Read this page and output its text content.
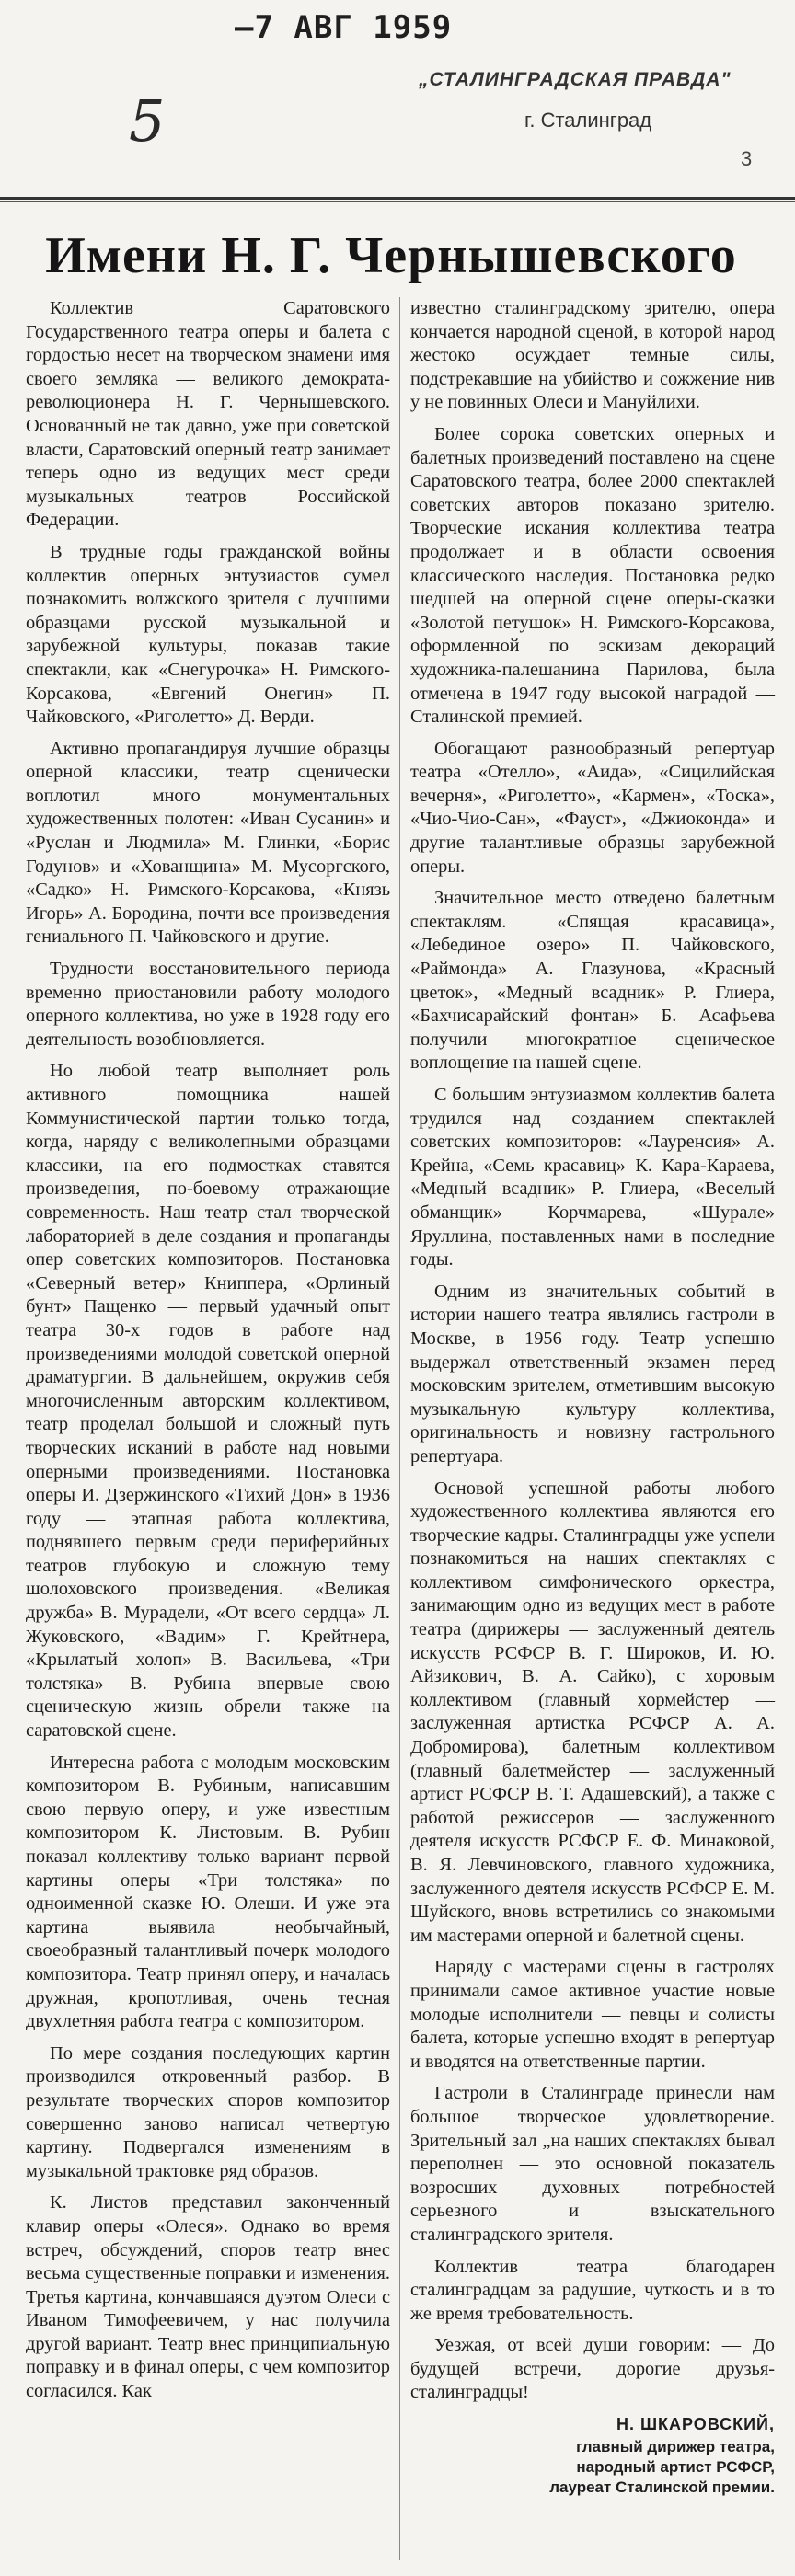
—7 АВГ 1959
5
„СТАЛИНГРАДСКАЯ ПРАВДА"
г. Сталинград
3
Имени Н. Г. Чернышевского

Коллектив Саратовского Государственного театра оперы и балета с гордостью несет на творческом знамени имя своего земляка — великого демократа-революционера Н. Г. Чернышевского. Основанный не так давно, уже при советской власти, Саратовский оперный театр занимает теперь одно из ведущих мест среди музыкальных театров Российской Федерации.

В трудные годы гражданской войны коллектив оперных энтузиастов сумел познакомить волжского зрителя с лучшими образцами русской музыкальной и зарубежной культуры, показав такие спектакли, как «Снегурочка» Н. Римского-Корсакова, «Евгений Онегин» П. Чайковского, «Риголетто» Д. Верди.

Активно пропагандируя лучшие образцы оперной классики, театр сценически воплотил много монументальных художественных полотен: «Иван Сусанин» и «Руслан и Людмила» М. Глинки, «Борис Годунов» и «Хованщина» М. Мусоргского, «Садко» Н. Римского-Корсакова, «Князь Игорь» А. Бородина, почти все произведения гениального П. Чайковского и другие.

Трудности восстановительного периода временно приостановили работу молодого оперного коллектива, но уже в 1928 году его деятельность возобновляется.

Но любой театр выполняет роль активного помощника нашей Коммунистической партии только тогда, когда, наряду с великолепными образцами классики, на его подмостках ставятся произведения, по-боевому отражающие современность. Наш театр стал творческой лабораторией в деле создания и пропаганды опер советских композиторов. Постановка «Северный ветер» Книппера, «Орлиный бунт» Пащенко — первый удачный опыт театра 30-х годов в работе над произведениями молодой советской оперной драматургии. В дальнейшем, окружив себя многочисленным авторским коллективом, театр проделал большой и сложный путь творческих исканий в работе над новыми оперными произведениями. Постановка оперы И. Дзержинского «Тихий Дон» в 1936 году — этапная работа коллектива, поднявшего первым среди периферийных театров глубокую и сложную тему шолоховского произведения. «Великая дружба» В. Мурадели, «От всего сердца» Л. Жуковского, «Вадим» Г. Крейтнера, «Крылатый холоп» В. Васильева, «Три толстяка» В. Рубина впервые свою сценическую жизнь обрели также на саратовской сцене.

Интересна работа с молодым московским композитором В. Рубиным, написавшим свою первую оперу, и уже известным композитором К. Листовым. В. Рубин показал коллективу только вариант первой картины оперы «Три толстяка» по одноименной сказке Ю. Олеши. И уже эта картина выявила необычайный, своеобразный талантливый почерк молодого композитора. Театр принял оперу, и началась дружная, кропотливая, очень тесная двухлетняя работа театра с композитором.

По мере создания последующих картин производился откровенный разбор. В результате творческих споров композитор совершенно заново написал четвертую картину. Подвергался изменениям в музыкальной трактовке ряд образов.

К. Листов представил законченный клавир оперы «Олеся». Однако во время встреч, обсуждений, споров театр внес весьма существенные поправки и изменения. Третья картина, кончавшаяся дуэтом Олеси с Иваном Тимофеевичем, у нас получила другой вариант. Театр внес принципиальную поправку и в финал оперы, с чем композитор согласился. Как

известно сталинградскому зрителю, опера кончается народной сценой, в которой народ жестоко осуждает темные силы, подстрекавшие на убийство и сожжение нив у не повинных Олеси и Мануйлихи.

Более сорока советских оперных и балетных произведений поставлено на сцене Саратовского театра, более 2000 спектаклей советских авторов показано зрителю. Творческие искания коллектива театра продолжает и в области освоения классического наследия. Постановка редко шедшей на оперной сцене оперы-сказки «Золотой петушок» Н. Римского-Корсакова, оформленной по эскизам декораций художника-палешанина Парилова, была отмечена в 1947 году высокой наградой — Сталинской премией.

Обогащают разнообразный репертуар театра «Отелло», «Аида», «Сицилийская вечерня», «Риголетто», «Кармен», «Тоска», «Чио-Чио-Сан», «Фауст», «Джиоконда» и другие талантливые образцы зарубежной оперы.

Значительное место отведено балетным спектаклям. «Спящая красавица», «Лебединое озеро» П. Чайковского, «Раймонда» А. Глазунова, «Красный цветок», «Медный всадник» Р. Глиера, «Бахчисарайский фонтан» Б. Асафьева получили многократное сценическое воплощение на нашей сцене.

С большим энтузиазмом коллектив балета трудился над созданием спектаклей советских композиторов: «Лауренсия» А. Крейна, «Семь красавиц» К. Кара-Караева, «Медный всадник» Р. Глиера, «Веселый обманщик» Корчмарева, «Шурале» Яруллина, поставленных нами в последние годы.

Одним из значительных событий в истории нашего театра являлись гастроли в Москве, в 1956 году. Театр успешно выдержал ответственный экзамен перед московским зрителем, отметившим высокую музыкальную культуру коллектива, оригинальность и новизну гастрольного репертуара.

Основой успешной работы любого художественного коллектива являются его творческие кадры. Сталинградцы уже успели познакомиться на наших спектаклях с коллективом симфонического оркестра, занимающим одно из ведущих мест в работе театра (дирижеры — заслуженный деятель искусств РСФСР В. Г. Широков, И. Ю. Айзикович, В. А. Сайко), с хоровым коллективом (главный хормейстер — заслуженная артистка РСФСР А. А. Добромирова), балетным коллективом (главный балетмейстер — заслуженный артист РСФСР В. Т. Адашевский), а также с работой режиссеров — заслуженного деятеля искусств РСФСР Е. Ф. Минаковой, В. Я. Левчиновского, главного художника, заслуженного деятеля искусств РСФСР Е. М. Шуйского, вновь встретились со знакомыми им мастерами оперной и балетной сцены.

Наряду с мастерами сцены в гастролях принимали самое активное участие новые молодые исполнители — певцы и солисты балета, которые успешно входят в репертуар и вводятся на ответственные партии.

Гастроли в Сталинграде принесли нам большое творческое удовлетворение. Зрительный зал „на наших спектаклях бывал переполнен — это основной показатель возросших духовных потребностей серьезного и взыскательного сталинградского зрителя.

Коллектив театра благодарен сталинградцам за радушие, чуткость и в то же время требовательность.

Уезжая, от всей души говорим: — До будущей встречи, дорогие друзья-сталинградцы!

Н. ШКАРОВСКИЙ,
главный дирижер театра,
народный артист РСФСР,
лауреат Сталинской премии.
